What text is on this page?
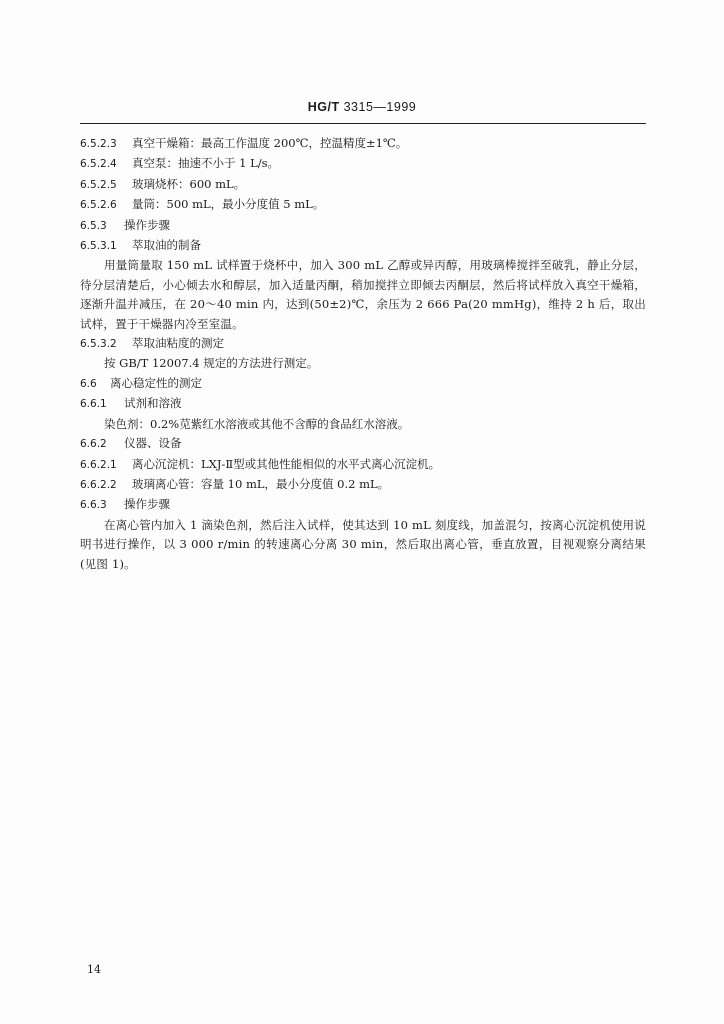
HG/T 3315—1999
6.5.2.3 真空干燥箱：最高工作温度 200℃，控温精度±1℃。
6.5.2.4 真空泵：抽速不小于 1 L/s。
6.5.2.5 玻璃烧杯：600 mL。
6.5.2.6 量筒：500 mL，最小分度值 5 mL。
6.5.3 操作步骤
6.5.3.1 萃取油的制备
用量筒量取 150 mL 试样置于烧杯中，加入 300 mL 乙醇或异丙醇，用玻璃棒搅拌至破乳，静止分层，待分层清楚后，小心倾去水和醇层，加入适量丙酮，稍加搅拌立即倾去丙酮层，然后将试样放入真空干燥箱，逐渐升温并减压，在 20～40 min 内，达到(50±2)℃，余压为 2 666 Pa(20 mmHg)，维持 2 h 后，取出试样，置于干燥器内冷至室温。
6.5.3.2 萃取油粘度的测定
按 GB/T 12007.4 规定的方法进行测定。
6.6 离心稳定性的测定
6.6.1 试剂和溶液
染色剂：0.2%苋紫红水溶液或其他不含醇的食品红水溶液。
6.6.2 仪器、设备
6.6.2.1 离心沉淀机：LXJ-Ⅱ型或其他性能相似的水平式离心沉淀机。
6.6.2.2 玻璃离心管：容量 10 mL，最小分度值 0.2 mL。
6.6.3 操作步骤
在离心管内加入 1 滴染色剂，然后注入试样，使其达到 10 mL 刻度线，加盖混匀，按离心沉淀机使用说明书进行操作，以 3 000 r/min 的转速离心分离 30 min，然后取出离心管，垂直放置，目视观察分离结果(见图 1)。
14
